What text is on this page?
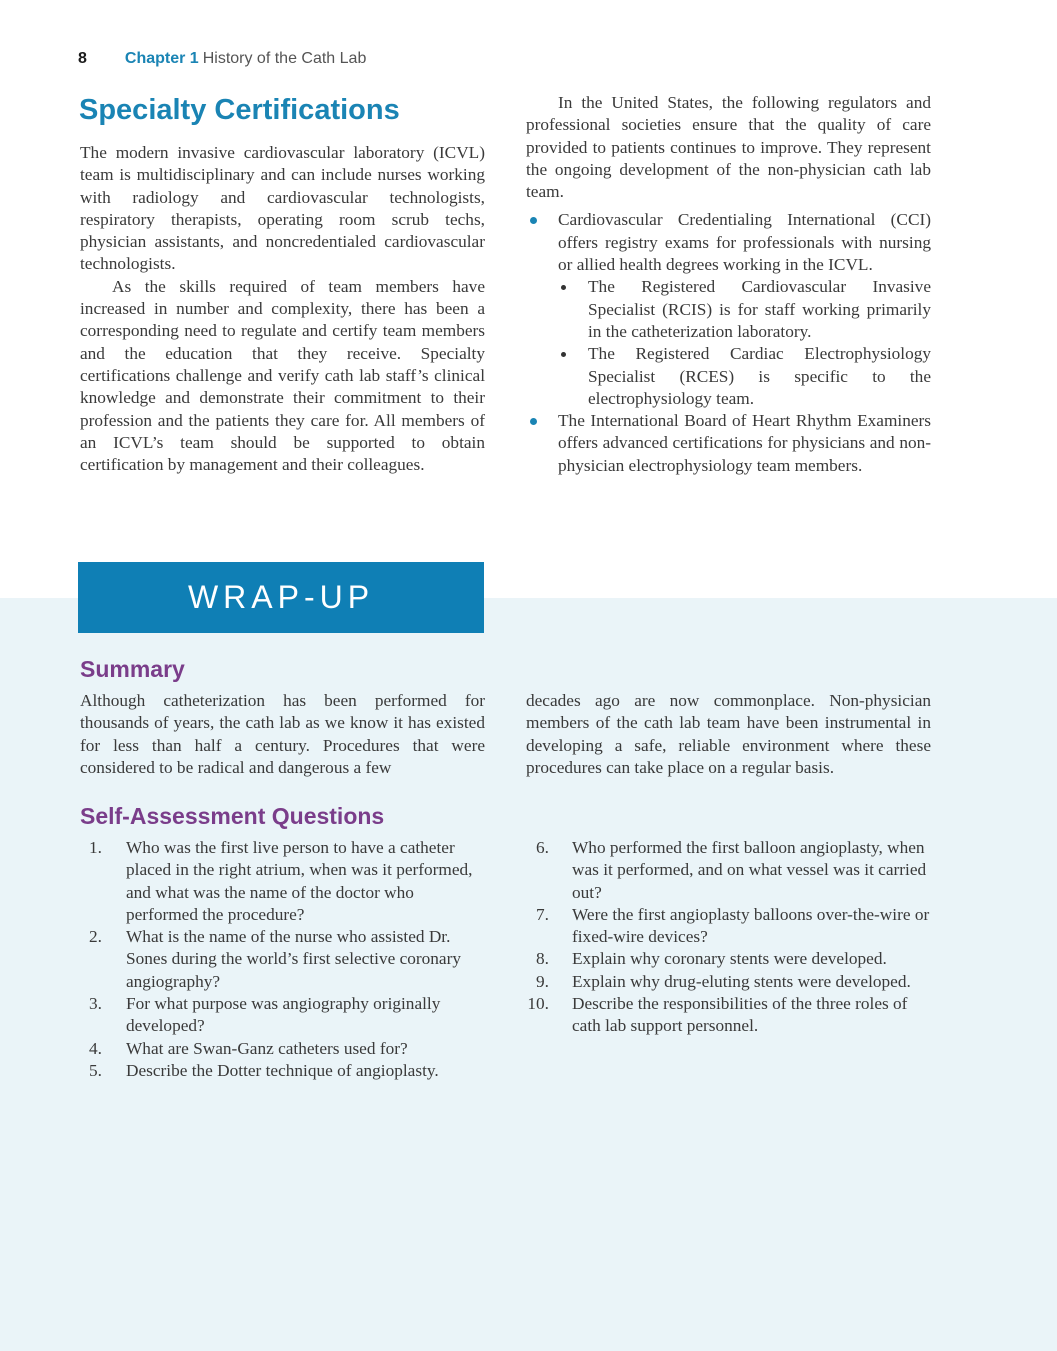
8 Chapter 1 History of the Cath Lab
Specialty Certifications

The modern invasive cardiovascular laboratory (ICVL) team is multidisciplinary and can include nurses working with radiology and cardiovascular technologists, respiratory therapists, operating room scrub techs, physician assistants, and noncredentialed cardiovascular technologists.

As the skills required of team members have increased in number and complexity, there has been a corresponding need to regulate and certify team members and the education that they receive. Specialty certifications challenge and verify cath lab staff’s clinical knowledge and demonstrate their commitment to their profession and the patients they care for. All members of an ICVL’s team should be supported to obtain certification by management and their colleagues.

In the United States, the following regulators and professional societies ensure that the quality of care provided to patients continues to improve. They represent the ongoing development of the non-physician cath lab team.

Cardiovascular Credentialing International (CCI) offers registry exams for professionals with nursing or allied health degrees working in the ICVL.
The Registered Cardiovascular Invasive Specialist (RCIS) is for staff working primarily in the catheterization laboratory.
The Registered Cardiac Electrophysiology Specialist (RCES) is specific to the electrophysiology team.
The International Board of Heart Rhythm Examiners offers advanced certifications for physicians and non-physician electrophysiology team members.
WRAP-UP
Summary

Although catheterization has been performed for thousands of years, the cath lab as we know it has existed for less than half a century. Procedures that were considered to be radical and dangerous a few

decades ago are now commonplace. Non-physician members of the cath lab team have been instrumental in developing a safe, reliable environment where these procedures can take place on a regular basis.

Self-Assessment Questions
1. Who was the first live person to have a catheter placed in the right atrium, when was it performed, and what was the name of the doctor who performed the procedure?
2. What is the name of the nurse who assisted Dr. Sones during the world’s first selective coronary angiography?
3. For what purpose was angiography originally developed?
4. What are Swan-Ganz catheters used for?
5. Describe the Dotter technique of angioplasty.
6. Who performed the first balloon angioplasty, when was it performed, and on what vessel was it carried out?
7. Were the first angioplasty balloons over-the-wire or fixed-wire devices?
8. Explain why coronary stents were developed.
9. Explain why drug-eluting stents were developed.
10. Describe the responsibilities of the three roles of cath lab support personnel.
